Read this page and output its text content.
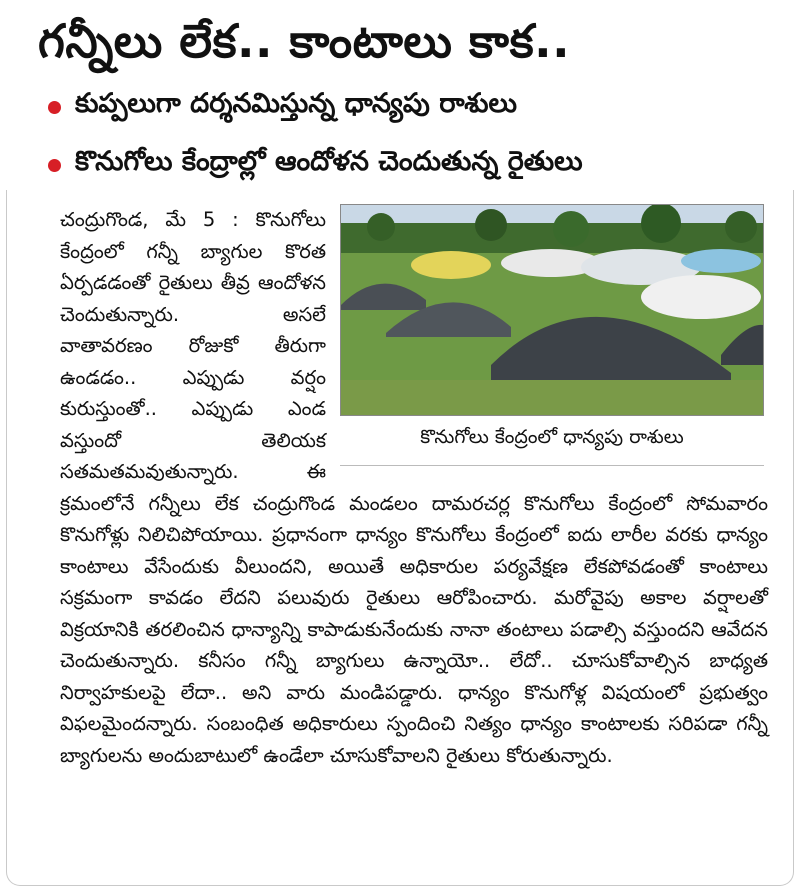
గన్నీలు లేక.. కాంటాలు కాక..
కుప్పలుగా దర్శనమిస్తున్న ధాన్యపు రాశులు
కొనుగోలు కేంద్రాల్లో ఆందోళన చెందుతున్న రైతులు
కొనుగోలు కేంద్రంలో ధాన్యపు రాశులు

చంద్రుగొండ, మే 5 : కొనుగోలు కేంద్రంలో గన్నీ బ్యాగుల కొరత ఏర్పడడంతో రైతులు తీవ్ర ఆందోళన చెందుతున్నారు. అసలే వాతావరణం రోజుకో తీరుగా ఉండడం.. ఎప్పుడు వర్షం కురుస్తుంతో.. ఎప్పుడు ఎండ వస్తుందో తెలియక సతమతమవుతున్నారు. ఈ క్రమంలోనే గన్నీలు లేక చంద్రుగొండ మండలం దామరచర్ల కొనుగోలు కేంద్రంలో సోమవారం కొనుగోళ్లు నిలిచిపోయాయి. ప్రధానంగా ధాన్యం కొనుగోలు కేంద్రంలో ఐదు లారీల వరకు ధాన్యం కాంటాలు వేసేందుకు వీలుందని, అయితే అధికారుల పర్యవేక్షణ లేకపోవడంతో కాంటాలు సక్రమంగా కావడం లేదని పలువురు రైతులు ఆరోపించారు. మరోవైపు అకాల వర్షాలతో విక్రయానికి తరలించిన ధాన్యాన్ని కాపాడుకునేందుకు నానా తంటాలు పడాల్సి వస్తుందని ఆవేదన చెందుతున్నారు. కనీసం గన్నీ బ్యాగులు ఉన్నాయో.. లేదో.. చూసుకోవాల్సిన బాధ్యత నిర్వాహకులపై లేదా.. అని వారు మండిపడ్డారు. ధాన్యం కొనుగోళ్ల విషయంలో ప్రభుత్వం విఫలమైందన్నారు. సంబంధిత అధికారులు స్పందించి నిత్యం ధాన్యం కాంటాలకు సరిపడా గన్నీ బ్యాగులను అందుబాటులో ఉండేలా చూసుకోవాలని రైతులు కోరుతున్నారు.
